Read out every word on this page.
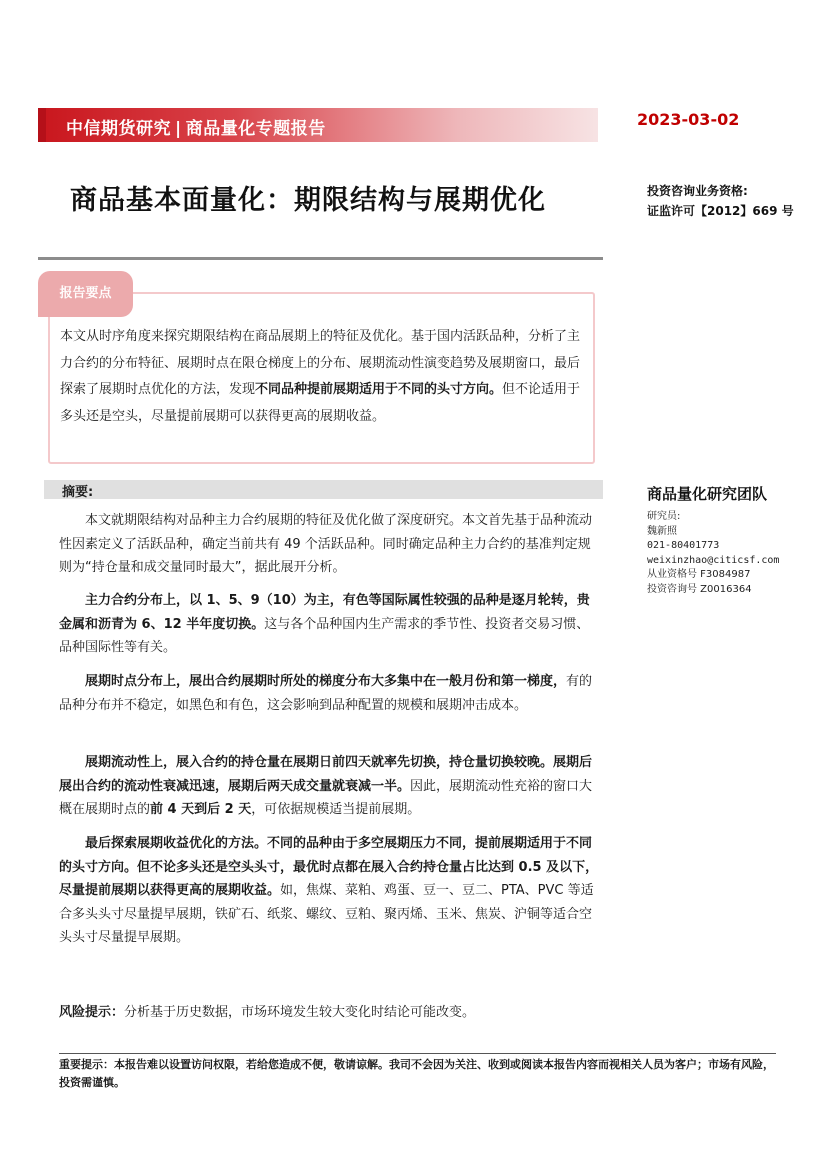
中信期货研究 | 商品量化专题报告	2023-03-02
商品基本面量化：期限结构与展期优化	投资咨询业务资格:
证监许可【2012】669 号
报告要点
本文从时序角度来探究期限结构在商品展期上的特征及优化。基于国内活跃品种，分析了主力合约的分布特征、展期时点在限仓梯度上的分布、展期流动性演变趋势及展期窗口，最后探索了展期时点优化的方法，发现不同品种提前展期适用于不同的头寸方向。但不论适用于多头还是空头，尽量提前展期可以获得更高的展期收益。
摘要:

本文就期限结构对品种主力合约展期的特征及优化做了深度研究。本文首先基于品种流动性因素定义了活跃品种，确定当前共有 49 个活跃品种。同时确定品种主力合约的基准判定规则为“持仓量和成交量同时最大”，据此展开分析。

主力合约分布上，以 1、5、9（10）为主，有色等国际属性较强的品种是逐月轮转，贵金属和沥青为 6、12 半年度切换。这与各个品种国内生产需求的季节性、投资者交易习惯、品种国际性等有关。

展期时点分布上，展出合约展期时所处的梯度分布大多集中在一般月份和第一梯度，有的品种分布并不稳定，如黑色和有色，这会影响到品种配置的规模和展期冲击成本。

展期流动性上，展入合约的持仓量在展期日前四天就率先切换，持仓量切换较晚。展期后展出合约的流动性衰减迅速，展期后两天成交量就衰减一半。因此，展期流动性充裕的窗口大概在展期时点的前 4 天到后 2 天，可依据规模适当提前展期。

最后探索展期收益优化的方法。不同的品种由于多空展期压力不同，提前展期适用于不同的头寸方向。但不论多头还是空头头寸，最优时点都在展入合约持仓量占比达到 0.5 及以下，尽量提前展期以获得更高的展期收益。如，焦煤、菜粕、鸡蛋、豆一、豆二、PTA、PVC 等适合多头头寸尽量提早展期，铁矿石、纸浆、螺纹、豆粕、聚丙烯、玉米、焦炭、沪铜等适合空头头寸尽量提早展期。

风险提示：分析基于历史数据，市场环境发生较大变化时结论可能改变。
商品量化研究团队
研究员:
魏新照
021-80401773
weixinzhao@citicsf.com
从业资格号 F3084987
投资咨询号 Z0016364
重要提示：本报告难以设置访问权限，若给您造成不便，敬请谅解。我司不会因为关注、收到或阅读本报告内容而视相关人员为客户；市场有风险，投资需谨慎。
